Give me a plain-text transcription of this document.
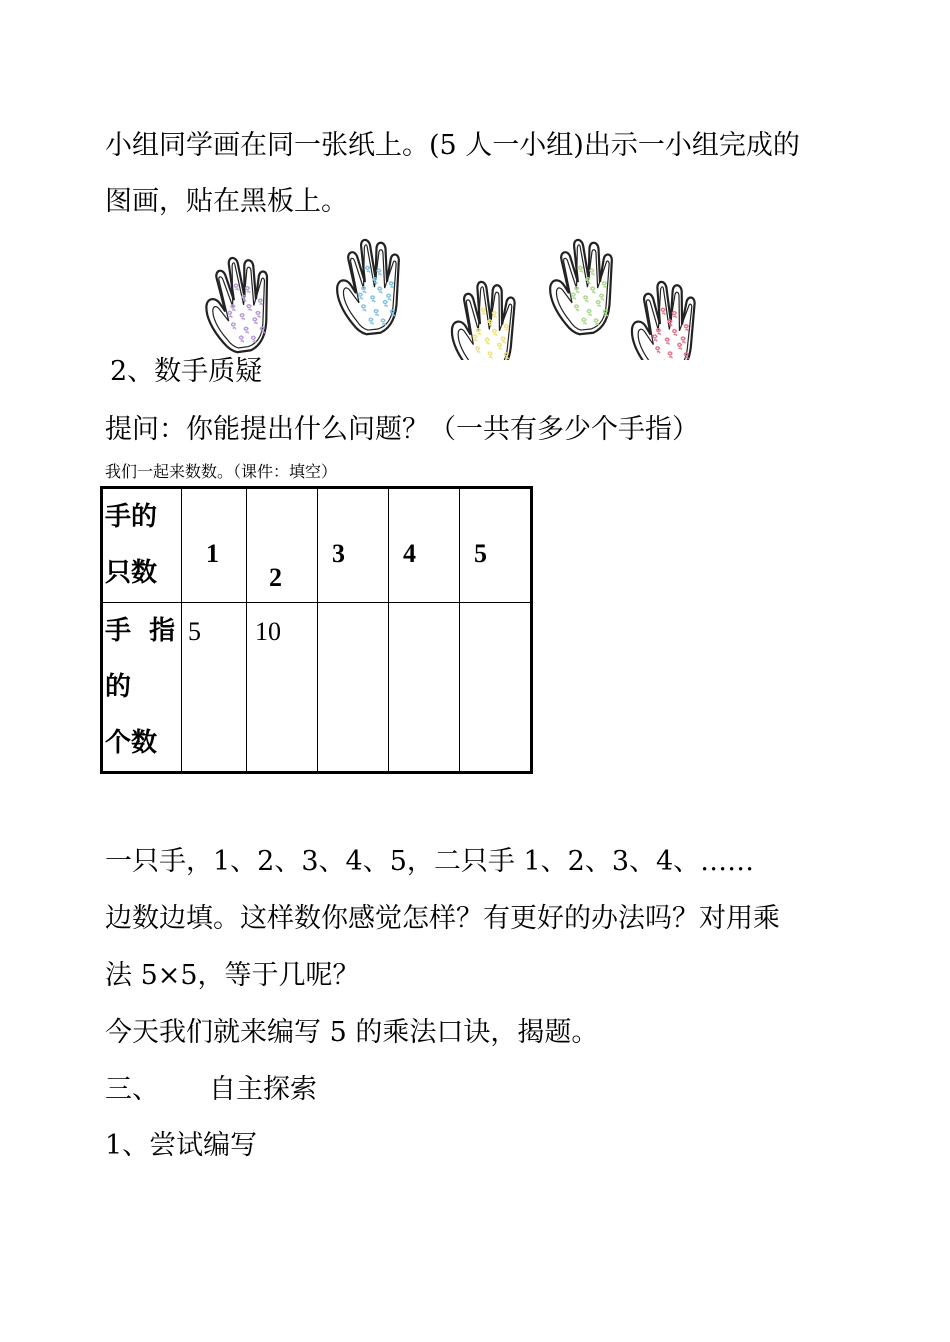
小组同学画在同一张纸上。(5 人一小组)出示一小组完成的
图画，贴在黑板上。
2、数手质疑
提问：你能提出什么问题？（一共有多少个手指）
我们一起来数数。（课件：填空）
手的
只数	1	2	3	4	5

手  指
的
个数	5	10			

一只手，1、2、3、4、5，二只手 1、2、3、4、……
边数边填。这样数你感觉怎样？有更好的办法吗？对用乘
法 5×5，等于几呢？
今天我们就来编写 5 的乘法口诀，揭题。
三、 自主探索
1、尝试编写
